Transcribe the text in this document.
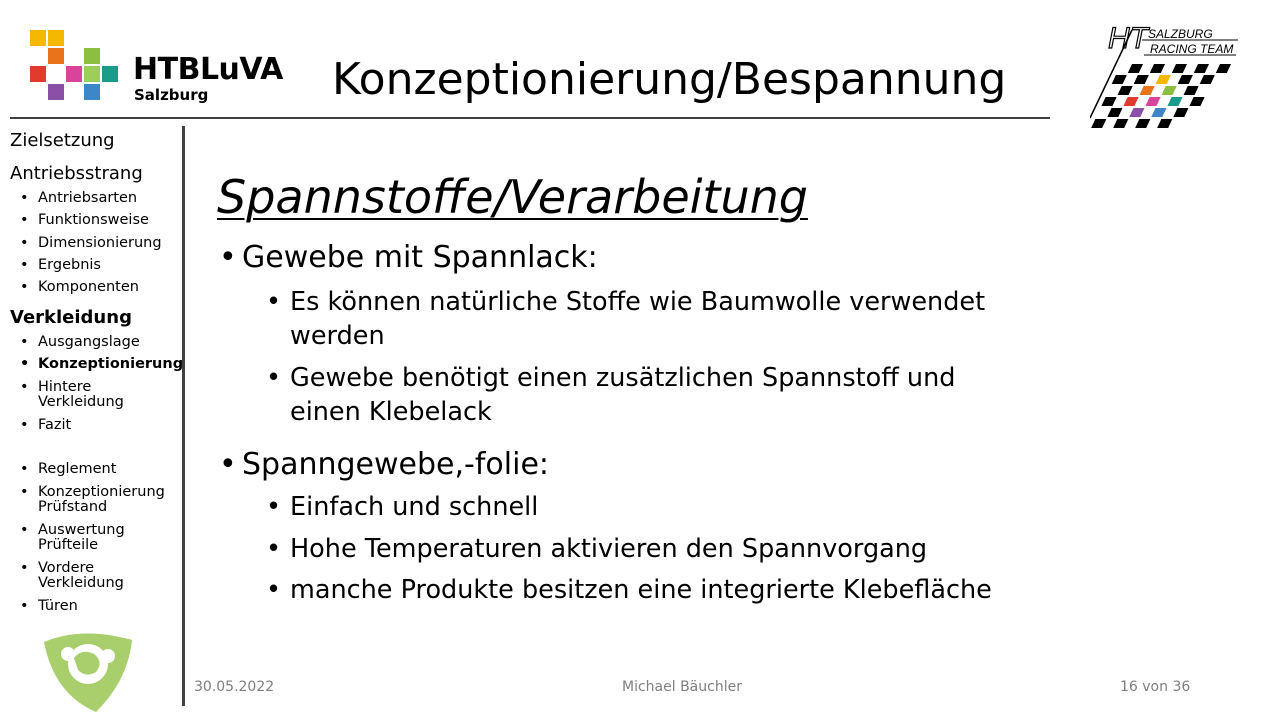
HTBLuVA
Salzburg	Konzeptionierung/Bespannung
HT SALZBURG
RACING TEAM
Zielsetzung
Antriebsstrang
• Antriebsarten
• Funktionsweise
• Dimensionierung
• Ergebnis
• Komponenten
Verkleidung
• Ausgangslage
• Konzeptionierung
• Hintere
Verkleidung
• Fazit
• Reglement
• Konzeptionierung
Prüfstand
• Auswertung
Prüfteile
• Vordere
Verkleidung
• Türen
Spannstoffe/Verarbeitung
• Gewebe mit Spannlack:
• Es können natürliche Stoffe wie Baumwolle verwendet werden
• Gewebe benötigt einen zusätzlichen Spannstoff und einen Klebelack
• Spanngewebe,-folie:
• Einfach und schnell
• Hohe Temperaturen aktivieren den Spannvorgang
• manche Produkte besitzen eine integrierte Klebefläche
30.05.2022	Michael Bäuchler	16 von 36
